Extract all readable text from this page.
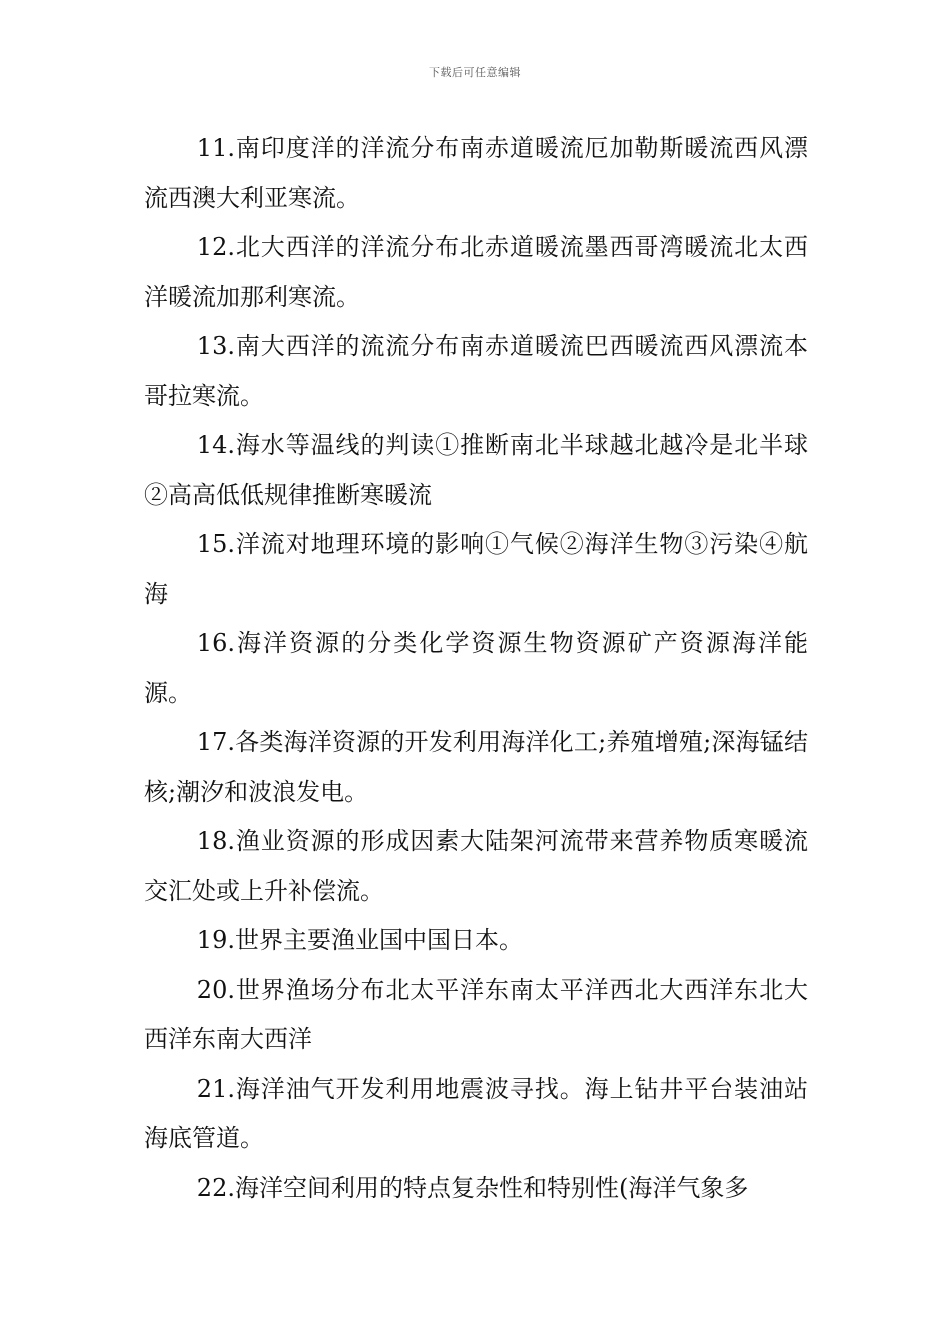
下载后可任意编辑

11.南印度洋的洋流分布南赤道暖流厄加勒斯暖流西风漂流西澳大利亚寒流。

12.北大西洋的洋流分布北赤道暖流墨西哥湾暖流北太西洋暖流加那利寒流。

13.南大西洋的流流分布南赤道暖流巴西暖流西风漂流本哥拉寒流。

14.海水等温线的判读①推断南北半球越北越冷是北半球②高高低低规律推断寒暖流

15.洋流对地理环境的影响①气候②海洋生物③污染④航海

16.海洋资源的分类化学资源生物资源矿产资源海洋能源。

17.各类海洋资源的开发利用海洋化工;养殖增殖;深海锰结核;潮汐和波浪发电。

18.渔业资源的形成因素大陆架河流带来营养物质寒暖流交汇处或上升补偿流。

19.世界主要渔业国中国日本。

20.世界渔场分布北太平洋东南太平洋西北大西洋东北大西洋东南大西洋

21.海洋油气开发利用地震波寻找。海上钻井平台装油站海底管道。

22.海洋空间利用的特点复杂性和特别性(海洋气象多
